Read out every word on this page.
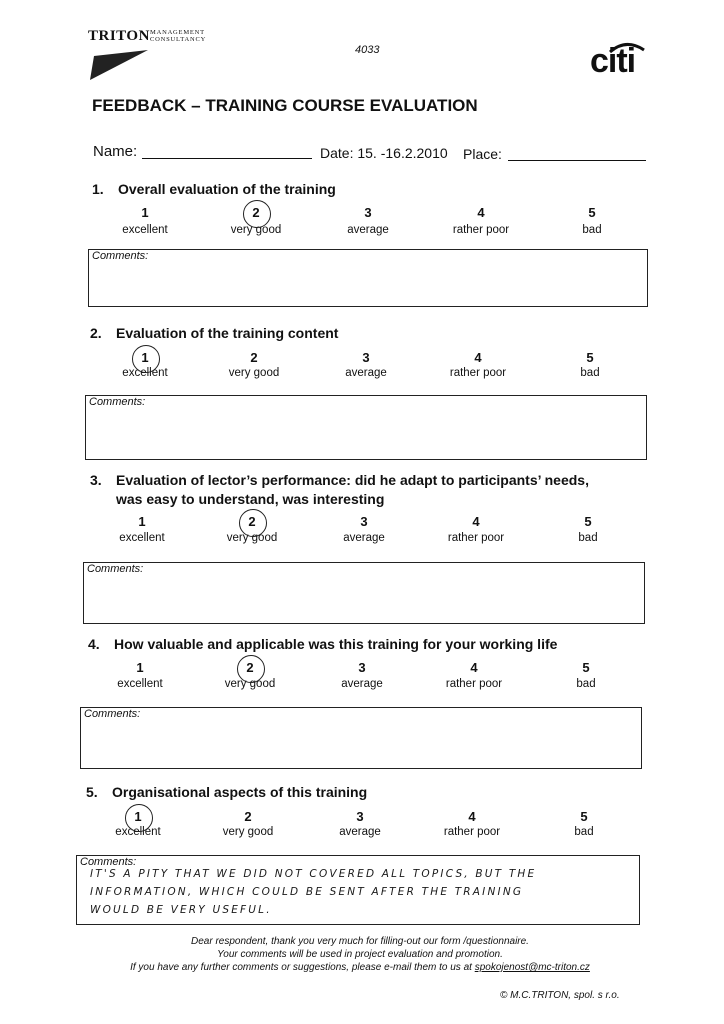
TRITON MANAGEMENT
CONSULTANCY
4033	citi
FEEDBACK – TRAINING COURSE EVALUATION
Name:	Date: 15. -16.2.2010 Place:
1. Overall evaluation of the training
1
excellent
2
very good
3
average
4
rather poor
5
bad
Comments:
2. Evaluation of the training content
1
excellent
2
very good
3
average
4
rather poor
5
bad
Comments:
3. Evaluation of lector’s performance: did he adapt to participants’ needs,
was easy to understand, was interesting
1
excellent
2
very good
3
average
4
rather poor
5
bad
Comments:
4. How valuable and applicable was this training for your working life
1
excellent
2
very good
3
average
4
rather poor
5
bad
Comments:
5. Organisational aspects of this training
1
excellent
2
very good
3
average
4
rather poor
5
bad
Comments:
IT'S A PITY THAT WE DID NOT COVERED ALL TOPICS, BUT THE
INFORMATION, WHICH COULD BE SENT AFTER THE TRAINING
WOULD BE VERY USEFUL.
Dear respondent, thank you very much for filling-out our form /questionnaire.
Your comments will be used in project evaluation and promotion.
If you have any further comments or suggestions, please e-mail them to us at spokojenost@mc-triton.cz
© M.C.TRITON, spol. s r.o.
